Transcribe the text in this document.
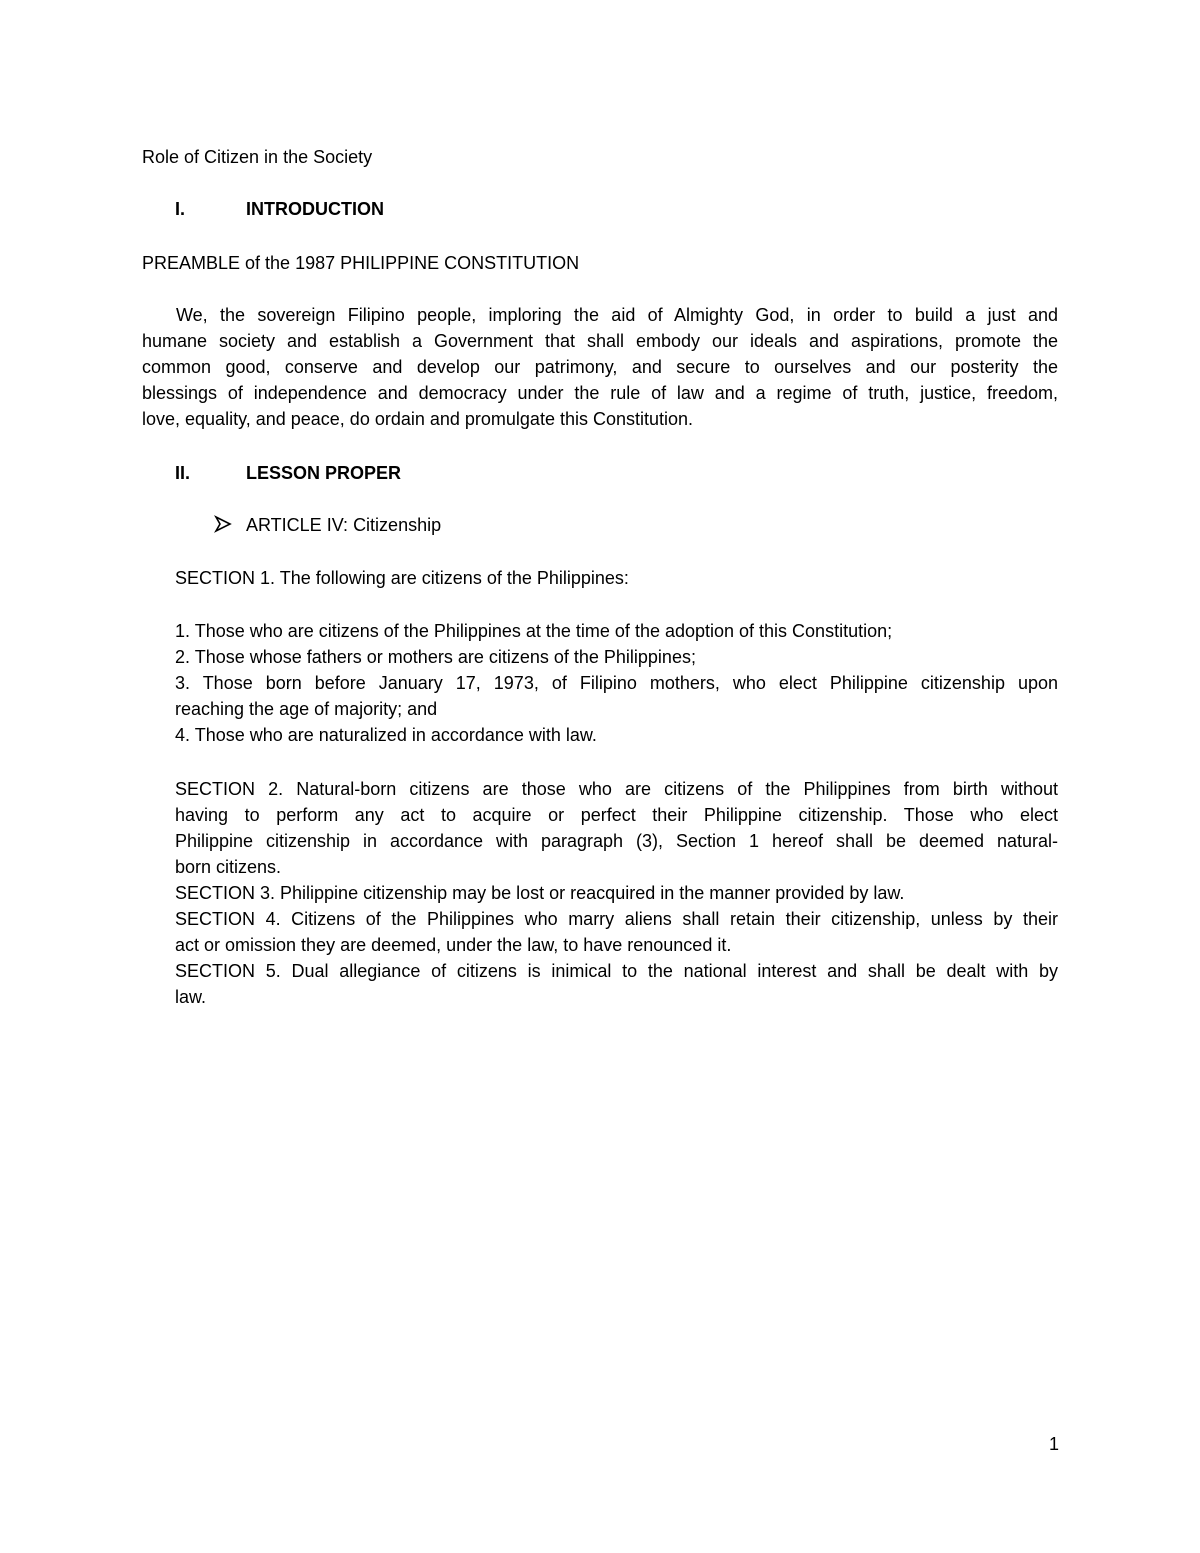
Role of Citizen in the Society
I.	INTRODUCTION
PREAMBLE of the 1987 PHILIPPINE CONSTITUTION
We, the sovereign Filipino people, imploring the aid of Almighty God, in order to build a just and
humane society and establish a Government that shall embody our ideals and aspirations, promote the
common good, conserve and develop our patrimony, and secure to ourselves and our posterity the
blessings of independence and democracy under the rule of law and a regime of truth, justice, freedom,
love, equality, and peace, do ordain and promulgate this Constitution.
II.	LESSON PROPER
ARTICLE IV: Citizenship
SECTION 1. The following are citizens of the Philippines:
1. Those who are citizens of the Philippines at the time of the adoption of this Constitution;
2. Those whose fathers or mothers are citizens of the Philippines;
3. Those born before January 17, 1973, of Filipino mothers, who elect Philippine citizenship upon
reaching the age of majority; and
4. Those who are naturalized in accordance with law.
SECTION 2. Natural-born citizens are those who are citizens of the Philippines from birth without
having to perform any act to acquire or perfect their Philippine citizenship. Those who elect
Philippine citizenship in accordance with paragraph (3), Section 1 hereof shall be deemed natural-
born citizens.
SECTION 3. Philippine citizenship may be lost or reacquired in the manner provided by law.
SECTION 4. Citizens of the Philippines who marry aliens shall retain their citizenship, unless by their
act or omission they are deemed, under the law, to have renounced it.
SECTION 5. Dual allegiance of citizens is inimical to the national interest and shall be dealt with by
law.
1
